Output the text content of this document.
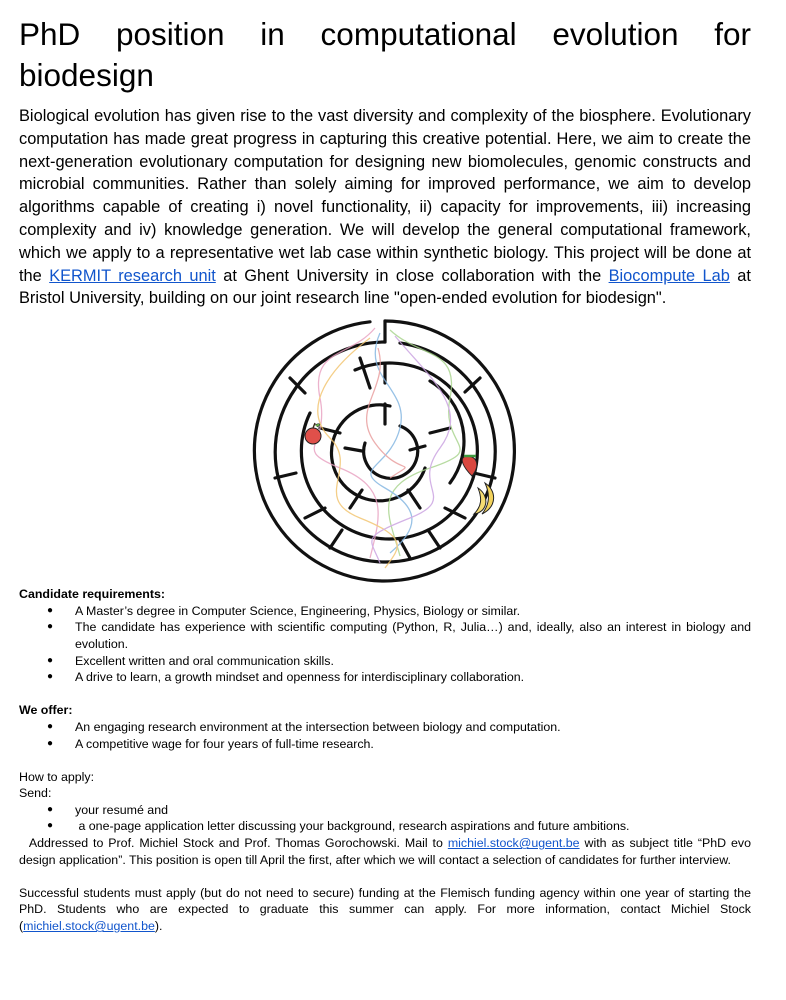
PhD position in computational evolution for biodesign

Biological evolution has given rise to the vast diversity and complexity of the biosphere. Evolutionary computation has made great progress in capturing this creative potential. Here, we aim to create the next-generation evolutionary computation for designing new biomolecules, genomic constructs and microbial communities. Rather than solely aiming for improved performance, we aim to develop algorithms capable of creating i) novel functionality, ii) capacity for improvements, iii) increasing complexity and iv) knowledge generation. We will develop the general computational framework, which we apply to a representative wet lab case within synthetic biology. This project will be done at the KERMIT research unit at Ghent University in close collaboration with the Biocompute Lab at Bristol University, building on our joint research line "open-ended evolution for biodesign".

Candidate requirements:

● A Master’s degree in Computer Science, Engineering, Physics, Biology or similar.
● The candidate has experience with scientific computing (Python, R, Julia…) and, ideally, also an interest in biology and evolution.
● Excellent written and oral communication skills.
● A drive to learn, a growth mindset and openness for interdisciplinary collaboration.

We offer:

● An engaging research environment at the intersection between biology and computation.
● A competitive wage for four years of full-time research.

How to apply:

Send:

● your resumé and
●  a one-page application letter discussing your background, research aspirations and future ambitions.

Addressed to Prof. Michiel Stock and Prof. Thomas Gorochowski. Mail to michiel.stock@ugent.be with as subject title “PhD evo design application”. This position is open till April the first, after which we will contact a selection of candidates for further interview.

Successful students must apply (but do not need to secure) funding at the Flemisch funding agency within one year of starting the PhD. Students who are expected to graduate this summer can apply. For more information, contact Michiel Stock (michiel.stock@ugent.be).
